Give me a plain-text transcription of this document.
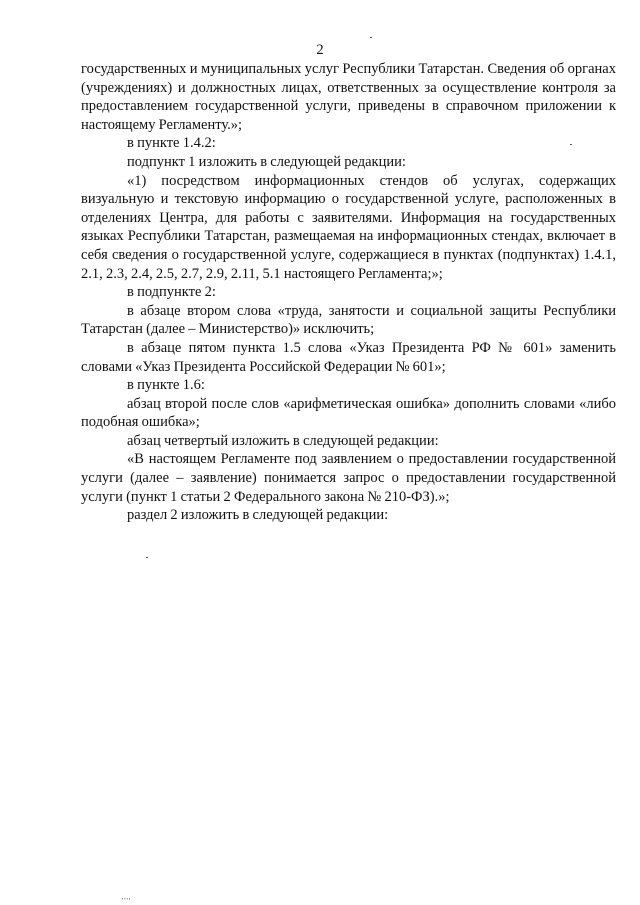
2

государственных и муниципальных услуг Республики Татарстан. Сведения об органах (учреждениях) и должностных лицах, ответственных за осуществление контроля за предоставлением государственной услуги, приведены в справочном приложении к настоящему Регламенту.»;

в пункте 1.4.2:

подпункт 1 изложить в следующей редакции:

«1) посредством информационных стендов об услугах, содержащих визуальную и текстовую информацию о государственной услуге, расположенных в отделениях Центра, для работы с заявителями. Информация на государственных языках Республики Татарстан, размещаемая на информационных стендах, включает в себя сведения о государственной услуге, содержащиеся в пунктах (подпунктах) 1.4.1, 2.1, 2.3, 2.4, 2.5, 2.7, 2.9, 2.11, 5.1 настоящего Регламента;»;

в подпункте 2:

в абзаце втором слова «труда, занятости и социальной защиты Республики Татарстан (далее – Министерство)» исключить;

в абзаце пятом пункта 1.5 слова «Указ Президента РФ № 601» заменить словами «Указ Президента Российской Федерации № 601»;

в пункте 1.6:

абзац второй после слов «арифметическая ошибка» дополнить словами «либо подобная ошибка»;

абзац четвертый изложить в следующей редакции:

«В настоящем Регламенте под заявлением о предоставлении государственной услуги (далее – заявление) понимается запрос о предоставлении государственной услуги (пункт 1 статьи 2 Федерального закона № 210-ФЗ).»;

раздел 2 изложить в следующей редакции:

''''
